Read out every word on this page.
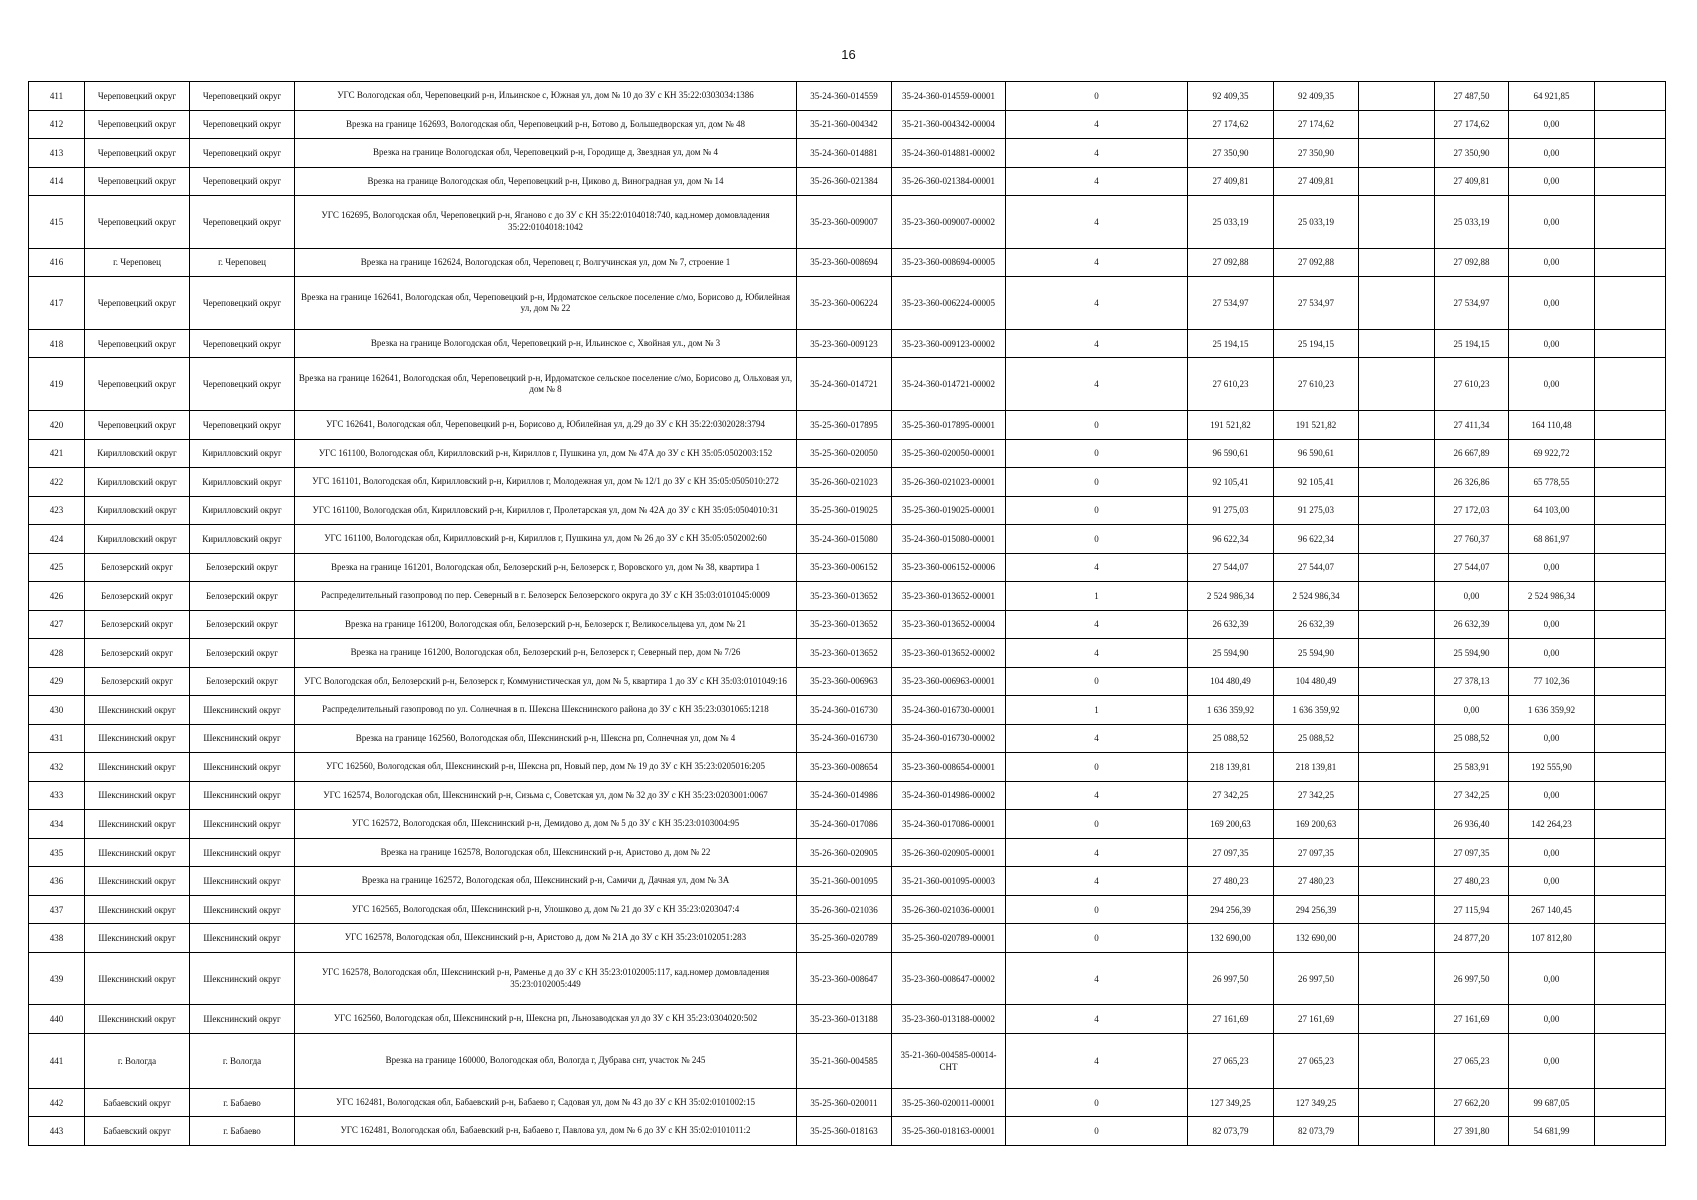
16
411	Череповецкий округ	Череповецкий округ	УГС Вологодская обл, Череповецкий р-н, Ильинское с, Южная ул, дом № 10 до ЗУ с КН 35:22:0303034:1386	35-24-360-014559	35-24-360-014559-00001	0	92 409,35	92 409,35		27 487,50	64 921,85	
412	Череповецкий округ	Череповецкий округ	Врезка на границе 162693, Вологодская обл, Череповецкий р-н, Ботово д, Большедворская ул, дом № 48	35-21-360-004342	35-21-360-004342-00004	4	27 174,62	27 174,62		27 174,62	0,00	
413	Череповецкий округ	Череповецкий округ	Врезка на границе Вологодская обл, Череповецкий р-н, Городище д, Звездная ул, дом № 4	35-24-360-014881	35-24-360-014881-00002	4	27 350,90	27 350,90		27 350,90	0,00	
414	Череповецкий округ	Череповецкий округ	Врезка на границе Вологодская обл, Череповецкий р-н, Циково д, Виноградная ул, дом № 14	35-26-360-021384	35-26-360-021384-00001	4	27 409,81	27 409,81		27 409,81	0,00	
415	Череповецкий округ	Череповецкий округ	УГС 162695, Вологодская обл, Череповецкий р-н, Яганово с до ЗУ с КН 35:22:0104018:740, кад.номер домовладения 35:22:0104018:1042	35-23-360-009007	35-23-360-009007-00002	4	25 033,19	25 033,19		25 033,19	0,00	
416	г. Череповец	г. Череповец	Врезка на границе 162624, Вологодская обл, Череповец г, Волгучинская ул, дом № 7, строение 1	35-23-360-008694	35-23-360-008694-00005	4	27 092,88	27 092,88		27 092,88	0,00	
417	Череповецкий округ	Череповецкий округ	Врезка на границе 162641, Вологодская обл, Череповецкий р-н, Ирдоматское сельское поселение с/мо, Борисово д, Юбилейная ул, дом № 22	35-23-360-006224	35-23-360-006224-00005	4	27 534,97	27 534,97		27 534,97	0,00	
418	Череповецкий округ	Череповецкий округ	Врезка на границе Вологодская обл, Череповецкий р-н, Ильинское с, Хвойная ул., дом № 3	35-23-360-009123	35-23-360-009123-00002	4	25 194,15	25 194,15		25 194,15	0,00	
419	Череповецкий округ	Череповецкий округ	Врезка на границе 162641, Вологодская обл, Череповецкий р-н, Ирдоматское сельское поселение с/мо, Борисово д, Ольховая ул, дом № 8	35-24-360-014721	35-24-360-014721-00002	4	27 610,23	27 610,23		27 610,23	0,00	
420	Череповецкий округ	Череповецкий округ	УГС 162641, Вологодская обл, Череповецкий р-н, Борисово д, Юбилейная ул, д.29 до ЗУ с КН 35:22:0302028:3794	35-25-360-017895	35-25-360-017895-00001	0	191 521,82	191 521,82		27 411,34	164 110,48	
421	Кирилловский округ	Кирилловский округ	УГС 161100, Вологодская обл, Кирилловский р-н, Кириллов г, Пушкина ул, дом № 47А до ЗУ с КН 35:05:0502003:152	35-25-360-020050	35-25-360-020050-00001	0	96 590,61	96 590,61		26 667,89	69 922,72	
422	Кирилловский округ	Кирилловский округ	УГС 161101, Вологодская обл, Кирилловский р-н, Кириллов г, Молодежная ул, дом № 12/1 до ЗУ с КН 35:05:0505010:272	35-26-360-021023	35-26-360-021023-00001	0	92 105,41	92 105,41		26 326,86	65 778,55	
423	Кирилловский округ	Кирилловский округ	УГС 161100, Вологодская обл, Кирилловский р-н, Кириллов г, Пролетарская ул, дом № 42А до ЗУ с КН 35:05:0504010:31	35-25-360-019025	35-25-360-019025-00001	0	91 275,03	91 275,03		27 172,03	64 103,00	
424	Кирилловский округ	Кирилловский округ	УГС 161100, Вологодская обл, Кирилловский р-н, Кириллов г, Пушкина ул, дом № 26 до ЗУ с КН 35:05:0502002:60	35-24-360-015080	35-24-360-015080-00001	0	96 622,34	96 622,34		27 760,37	68 861,97	
425	Белозерский округ	Белозерский округ	Врезка на границе 161201, Вологодская обл, Белозерский р-н, Белозерск г, Воровского ул, дом № 38, квартира 1	35-23-360-006152	35-23-360-006152-00006	4	27 544,07	27 544,07		27 544,07	0,00	
426	Белозерский округ	Белозерский округ	Распределительный газопровод по пер. Северный в г. Белозерск Белозерского округа до ЗУ с КН 35:03:0101045:0009	35-23-360-013652	35-23-360-013652-00001	1	2 524 986,34	2 524 986,34		0,00	2 524 986,34	
427	Белозерский округ	Белозерский округ	Врезка на границе 161200, Вологодская обл, Белозерский р-н, Белозерск г, Великосельцева ул, дом № 21	35-23-360-013652	35-23-360-013652-00004	4	26 632,39	26 632,39		26 632,39	0,00	
428	Белозерский округ	Белозерский округ	Врезка на границе 161200, Вологодская обл, Белозерский р-н, Белозерск г, Северный пер, дом № 7/26	35-23-360-013652	35-23-360-013652-00002	4	25 594,90	25 594,90		25 594,90	0,00	
429	Белозерский округ	Белозерский округ	УГС Вологодская обл, Белозерский р-н, Белозерск г, Коммунистическая ул, дом № 5, квартира 1 до ЗУ с КН 35:03:0101049:16	35-23-360-006963	35-23-360-006963-00001	0	104 480,49	104 480,49		27 378,13	77 102,36	
430	Шекснинский округ	Шекснинский округ	Распределительный газопровод по ул. Солнечная в п. Шексна Шекснинского района до ЗУ с КН 35:23:0301065:1218	35-24-360-016730	35-24-360-016730-00001	1	1 636 359,92	1 636 359,92		0,00	1 636 359,92	
431	Шекснинский округ	Шекснинский округ	Врезка на границе 162560, Вологодская обл, Шекснинский р-н, Шексна рп, Солнечная ул, дом № 4	35-24-360-016730	35-24-360-016730-00002	4	25 088,52	25 088,52		25 088,52	0,00	
432	Шекснинский округ	Шекснинский округ	УГС 162560, Вологодская обл, Шекснинский р-н, Шексна рп, Новый пер, дом № 19 до ЗУ с КН 35:23:0205016:205	35-23-360-008654	35-23-360-008654-00001	0	218 139,81	218 139,81		25 583,91	192 555,90	
433	Шекснинский округ	Шекснинский округ	УГС 162574, Вологодская обл, Шекснинский р-н, Сизьма с, Советская ул, дом № 32 до ЗУ с КН 35:23:0203001:0067	35-24-360-014986	35-24-360-014986-00002	4	27 342,25	27 342,25		27 342,25	0,00	
434	Шекснинский округ	Шекснинский округ	УГС 162572, Вологодская обл, Шекснинский р-н, Демидово д, дом № 5 до ЗУ с КН 35:23:0103004:95	35-24-360-017086	35-24-360-017086-00001	0	169 200,63	169 200,63		26 936,40	142 264,23	
435	Шекснинский округ	Шекснинский округ	Врезка на границе 162578, Вологодская обл, Шекснинский р-н, Аристово д, дом № 22	35-26-360-020905	35-26-360-020905-00001	4	27 097,35	27 097,35		27 097,35	0,00	
436	Шекснинский округ	Шекснинский округ	Врезка на границе 162572, Вологодская обл, Шекснинский р-н, Самичи д, Дачная ул, дом № 3А	35-21-360-001095	35-21-360-001095-00003	4	27 480,23	27 480,23		27 480,23	0,00	
437	Шекснинский округ	Шекснинский округ	УГС 162565, Вологодская обл, Шекснинский р-н, Улошково д, дом № 21 до ЗУ с КН 35:23:0203047:4	35-26-360-021036	35-26-360-021036-00001	0	294 256,39	294 256,39		27 115,94	267 140,45	
438	Шекснинский округ	Шекснинский округ	УГС 162578, Вологодская обл, Шекснинский р-н, Аристово д, дом № 21А до ЗУ с КН 35:23:0102051:283	35-25-360-020789	35-25-360-020789-00001	0	132 690,00	132 690,00		24 877,20	107 812,80	
439	Шекснинский округ	Шекснинский округ	УГС 162578, Вологодская обл, Шекснинский р-н, Раменье д до ЗУ с КН 35:23:0102005:117, кад.номер домовладения 35:23:0102005:449	35-23-360-008647	35-23-360-008647-00002	4	26 997,50	26 997,50		26 997,50	0,00	
440	Шекснинский округ	Шекснинский округ	УГС 162560, Вологодская обл, Шекснинский р-н, Шексна рп, Льнозаводская ул до ЗУ с КН 35:23:0304020:502	35-23-360-013188	35-23-360-013188-00002	4	27 161,69	27 161,69		27 161,69	0,00	
441	г. Вологда	г. Вологда	Врезка на границе 160000, Вологодская обл, Вологда г, Дубрава снт, участок № 245	35-21-360-004585	35-21-360-004585-00014-СНТ	4	27 065,23	27 065,23		27 065,23	0,00	
442	Бабаевский округ	г. Бабаево	УГС 162481, Вологодская обл, Бабаевский р-н, Бабаево г, Садовая ул, дом № 43 до ЗУ с КН 35:02:0101002:15	35-25-360-020011	35-25-360-020011-00001	0	127 349,25	127 349,25		27 662,20	99 687,05	
443	Бабаевский округ	г. Бабаево	УГС 162481, Вологодская обл, Бабаевский р-н, Бабаево г, Павлова ул, дом № 6 до ЗУ с КН 35:02:0101011:2	35-25-360-018163	35-25-360-018163-00001	0	82 073,79	82 073,79		27 391,80	54 681,99	
